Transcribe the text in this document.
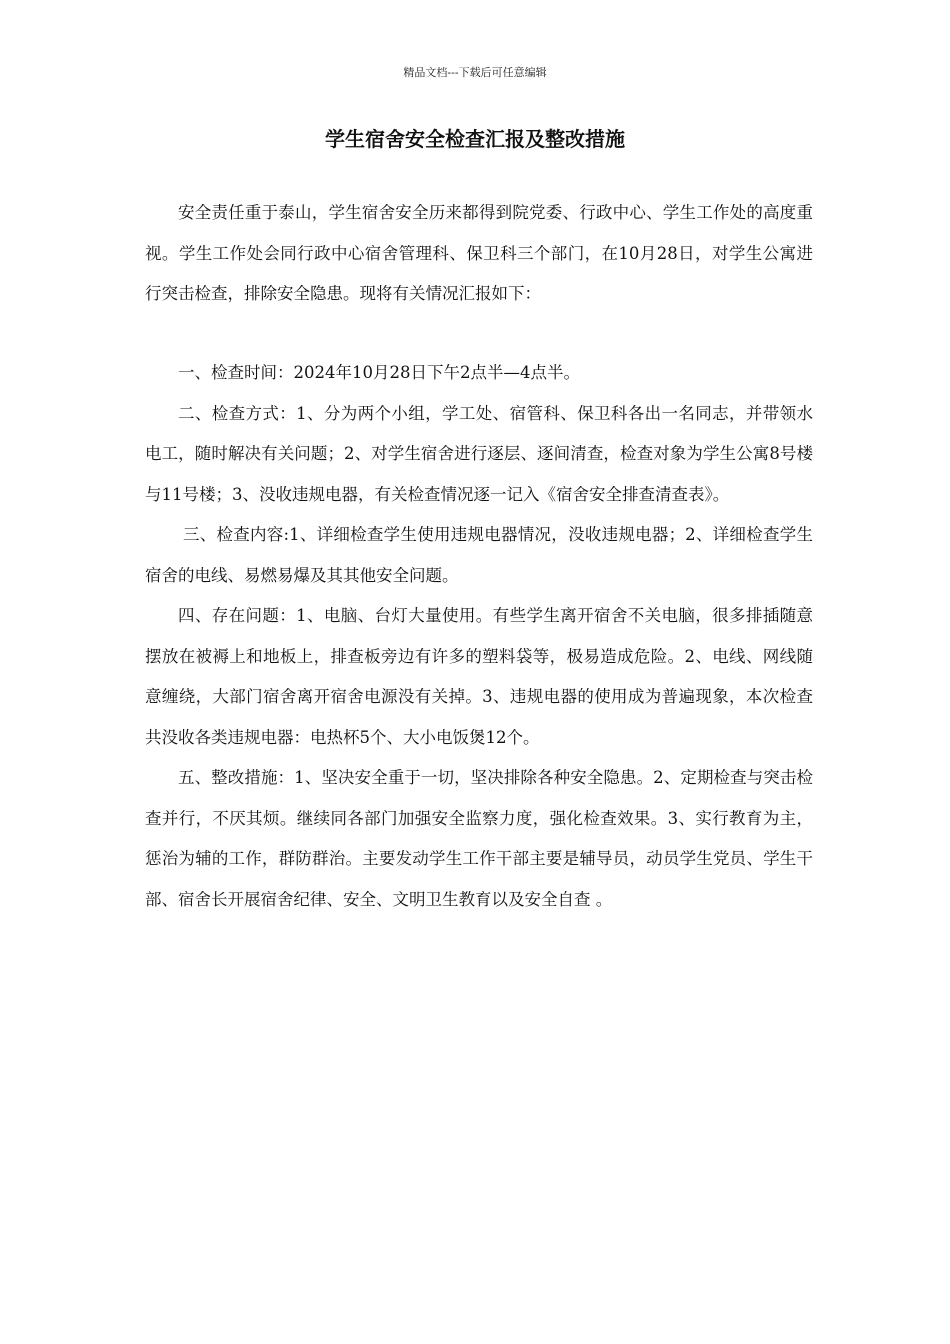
精品文档---下载后可任意编辑
学生宿舍安全检查汇报及整改措施

安全责任重于泰山，学生宿舍安全历来都得到院党委、行政中心、学生工作处的高度重视。学生工作处会同行政中心宿舍管理科、保卫科三个部门，在10月28日，对学生公寓进行突击检查，排除安全隐患。现将有关情况汇报如下：

一、检查时间：2024年10月28日下午2点半—4点半。

二、检查方式：1、分为两个小组，学工处、宿管科、保卫科各出一名同志，并带领水电工，随时解决有关问题；2、对学生宿舍进行逐层、逐间清查，检查对象为学生公寓8号楼与11号楼；3、没收违规电器，有关检查情况逐一记入《宿舍安全排查清查表》。

三、检查内容:1、详细检查学生使用违规电器情况，没收违规电器；2、详细检查学生宿舍的电线、易燃易爆及其其他安全问题。

四、存在问题：1、电脑、台灯大量使用。有些学生离开宿舍不关电脑，很多排插随意摆放在被褥上和地板上，排查板旁边有许多的塑料袋等，极易造成危险。2、电线、网线随意缠绕，大部门宿舍离开宿舍电源没有关掉。3、违规电器的使用成为普遍现象，本次检查共没收各类违规电器：电热杯5个、大小电饭煲12个。

五、整改措施：1、坚决安全重于一切，坚决排除各种安全隐患。2、定期检查与突击检查并行，不厌其烦。继续同各部门加强安全监察力度，强化检查效果。3、实行教育为主，惩治为辅的工作，群防群治。主要发动学生工作干部主要是辅导员，动员学生党员、学生干部、宿舍长开展宿舍纪律、安全、文明卫生教育以及安全自查 。
